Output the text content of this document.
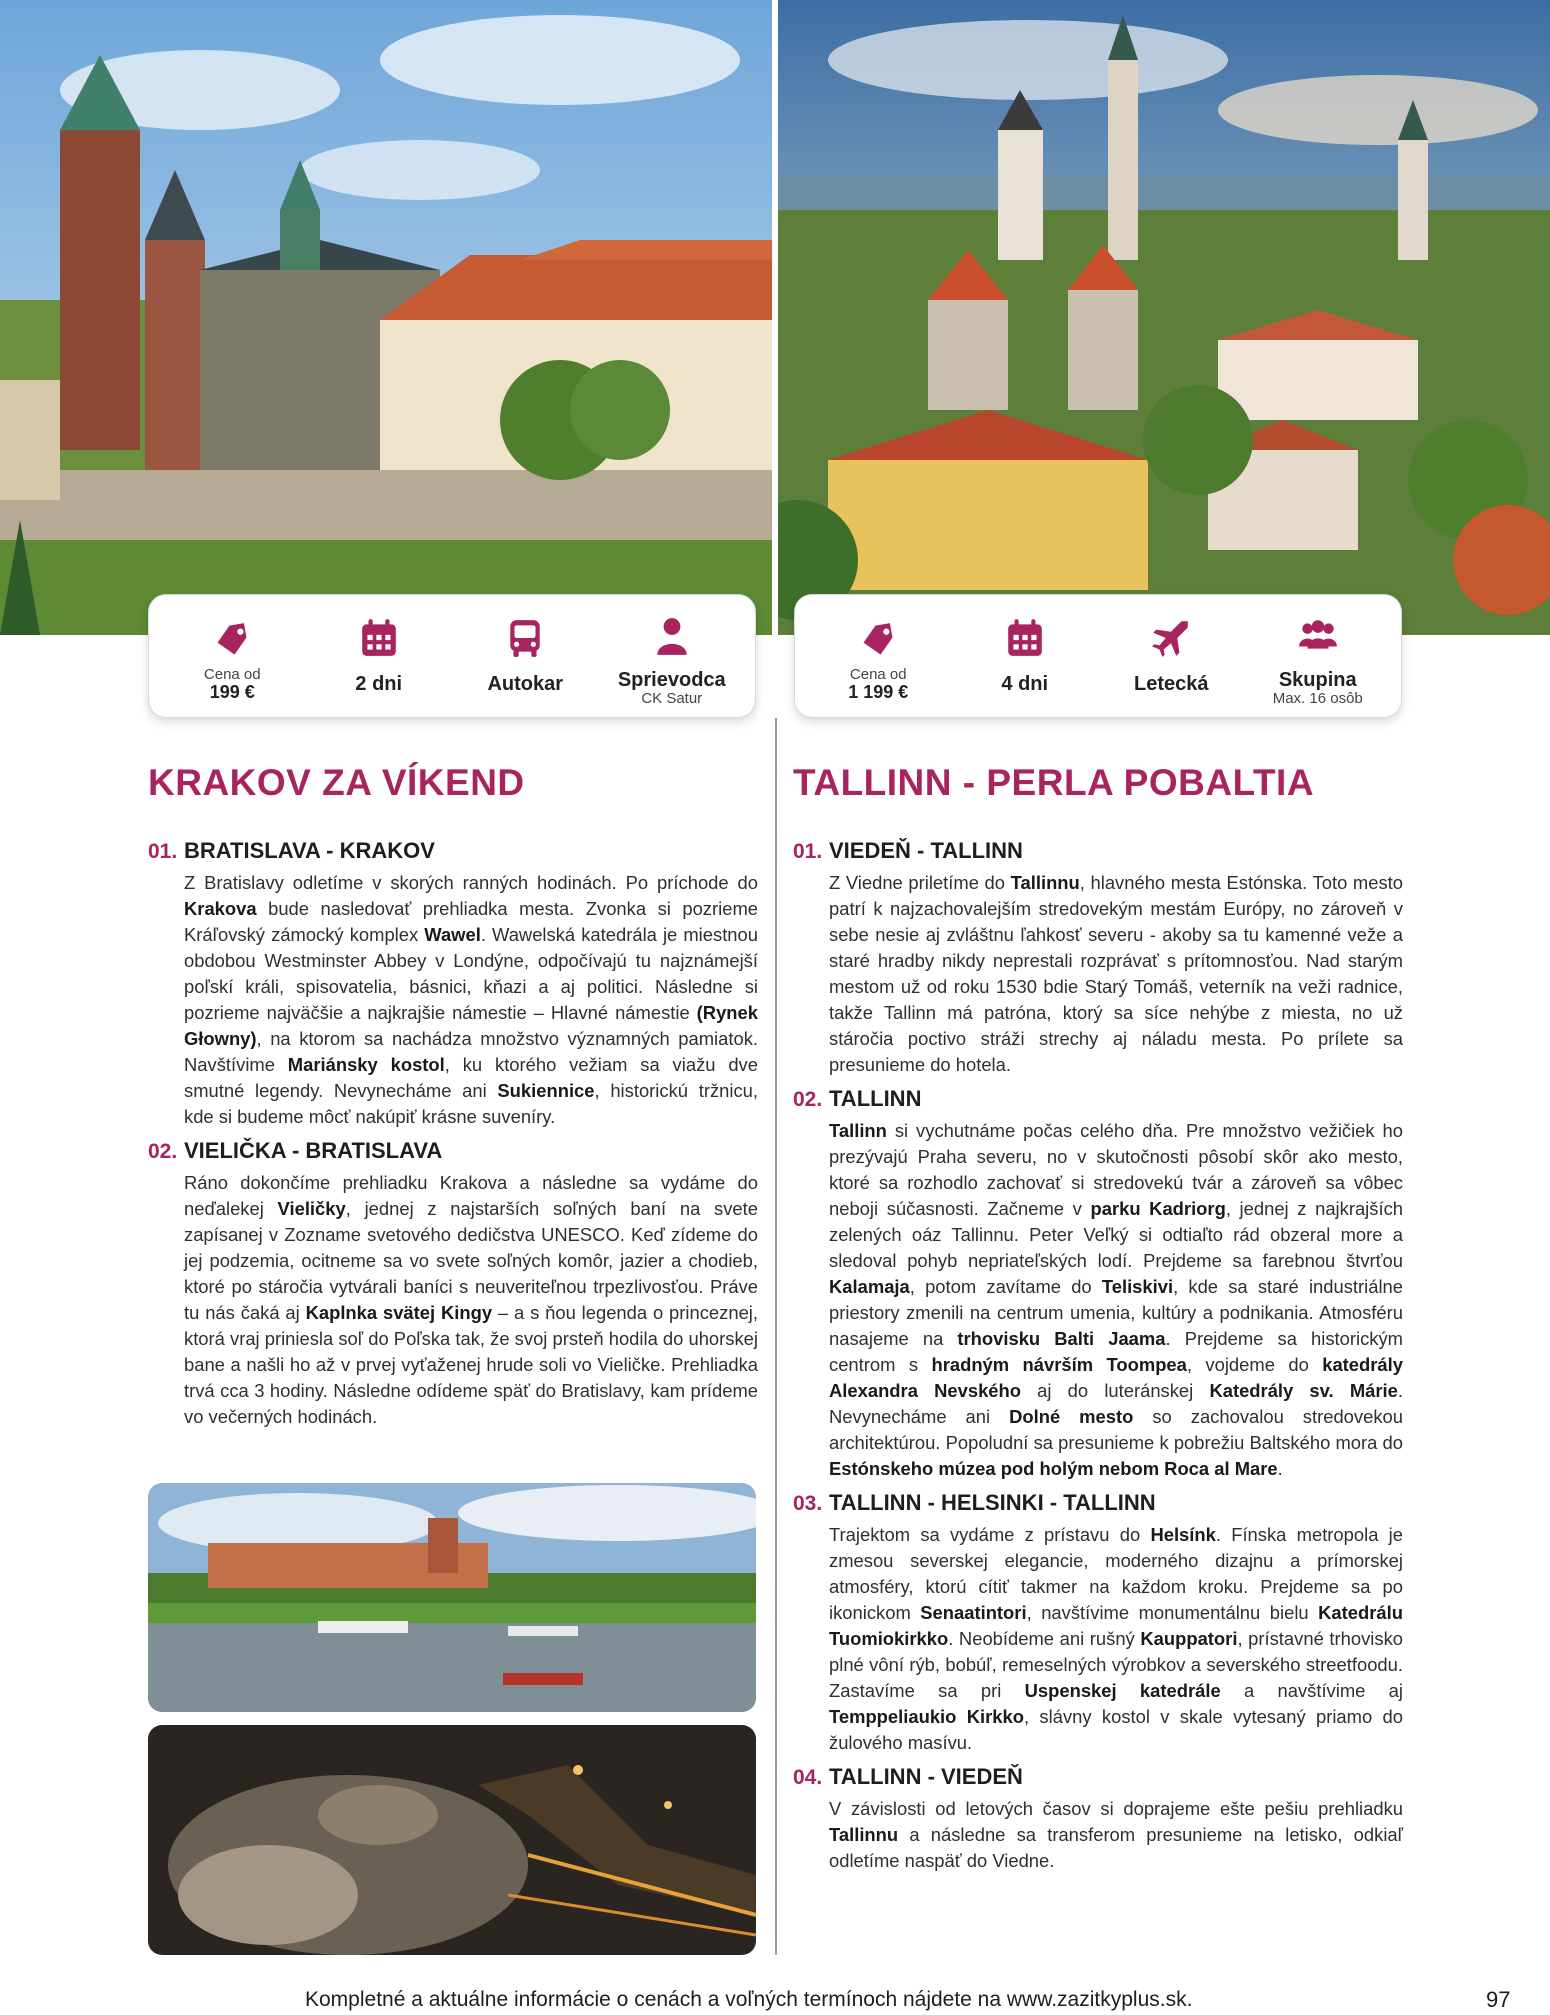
Cena od
199 €	2 dni	Autokar	Sprievodca
CK Satur
Cena od
1 199 €	4 dni	Letecká	Skupina
Max. 16 osôb
KRAKOV ZA VÍKEND
01. BRATISLAVA - KRAKOV
Z Bratislavy odletíme v skorých ranných hodinách. Po príchode do Krakova bude nasledovať prehliadka mesta. Zvonka si pozrieme Kráľovský zámocký komplex Wawel. Wawelská katedrála je miestnou obdobou Westminster Abbey v Londýne, odpočívajú tu najznámejší poľskí králi, spisovatelia, básnici, kňazi a aj politici. Následne si pozrieme najväčšie a najkrajšie námestie – Hlavné námestie (Rynek Głowny), na ktorom sa nachádza množstvo významných pamiatok. Navštívime Mariánsky kostol, ku ktorého vežiam sa viažu dve smutné legendy. Nevynecháme ani Sukiennice, historickú tržnicu, kde si budeme môcť nakúpiť krásne suveníry.
02. VIELIČKA - BRATISLAVA
Ráno dokončíme prehliadku Krakova a následne sa vydáme do neďalekej Vieličky, jednej z najstarších soľných baní na svete zapísanej v Zozname svetového dedičstva UNESCO. Keď zídeme do jej podzemia, ocitneme sa vo svete soľných komôr, jazier a chodieb, ktoré po stáročia vytvárali baníci s neuveriteľnou trpezlivosťou. Práve tu nás čaká aj Kaplnka svätej Kingy – a s ňou legenda o princeznej, ktorá vraj priniesla soľ do Poľska tak, že svoj prsteň hodila do uhorskej bane a našli ho až v prvej vyťaženej hrude soli vo Vieličke. Prehliadka trvá cca 3 hodiny. Následne odídeme späť do Bratislavy, kam prídeme vo večerných hodinách.
TALLINN - PERLA POBALTIA
01. VIEDEŇ - TALLINN
Z Viedne priletíme do Tallinnu, hlavného mesta Estónska. Toto mesto patrí k najzachovalejším stredovekým mestám Európy, no zároveň v sebe nesie aj zvláštnu ľahkosť severu - akoby sa tu kamenné veže a staré hradby nikdy neprestali rozprávať s prítomnosťou. Nad starým mestom už od roku 1530 bdie Starý Tomáš, veterník na veži radnice, takže Tallinn má patróna, ktorý sa síce nehýbe z miesta, no už stáročia poctivo stráži strechy aj náladu mesta. Po prílete sa presunieme do hotela.
02. TALLINN
Tallinn si vychutnáme počas celého dňa. Pre množstvo vežičiek ho prezývajú Praha severu, no v skutočnosti pôsobí skôr ako mesto, ktoré sa rozhodlo zachovať si stredovekú tvár a zároveň sa vôbec neboji súčasnosti. Začneme v parku Kadriorg, jednej z najkrajších zelených oáz Tallinnu. Peter Veľký si odtiaľto rád obzeral more a sledoval pohyb nepriateľských lodí. Prejdeme sa farebnou štvrťou Kalamaja, potom zavítame do Teliskivi, kde sa staré industriálne priestory zmenili na centrum umenia, kultúry a podnikania. Atmosféru nasajeme na trhovisku Balti Jaama. Prejdeme sa historickým centrom s hradným návrším Toompea, vojdeme do katedrály Alexandra Nevského aj do luteránskej Katedrály sv. Márie. Nevynecháme ani Dolné mesto so zachovalou stredovekou architektúrou. Popoludní sa presunieme k pobrežiu Baltského mora do Estónskeho múzea pod holým nebom Roca al Mare.
03. TALLINN - HELSINKI - TALLINN
Trajektom sa vydáme z prístavu do Helsínk. Fínska metropola je zmesou severskej elegancie, moderného dizajnu a prímorskej atmosféry, ktorú cítiť takmer na každom kroku. Prejdeme sa po ikonickom Senaatintori, navštívime monumentálnu bielu Katedrálu Tuomiokirkko. Neobídeme ani rušný Kauppatori, prístavné trhovisko plné vôní rýb, bobúľ, remeselných výrobkov a severského streetfoodu. Zastavíme sa pri Uspenskej katedrále a navštívime aj Temppeliaukio Kirkko, slávny kostol v skale vytesaný priamo do žulového masívu.
04. TALLINN - VIEDEŇ
V závislosti od letových časov si doprajeme ešte pešiu prehliadku Tallinnu a následne sa transferom presunieme na letisko, odkiaľ odletíme naspäť do Viedne.
Kompletné a aktuálne informácie o cenách a voľných termínoch nájdete na www.zazitkyplus.sk.	97
